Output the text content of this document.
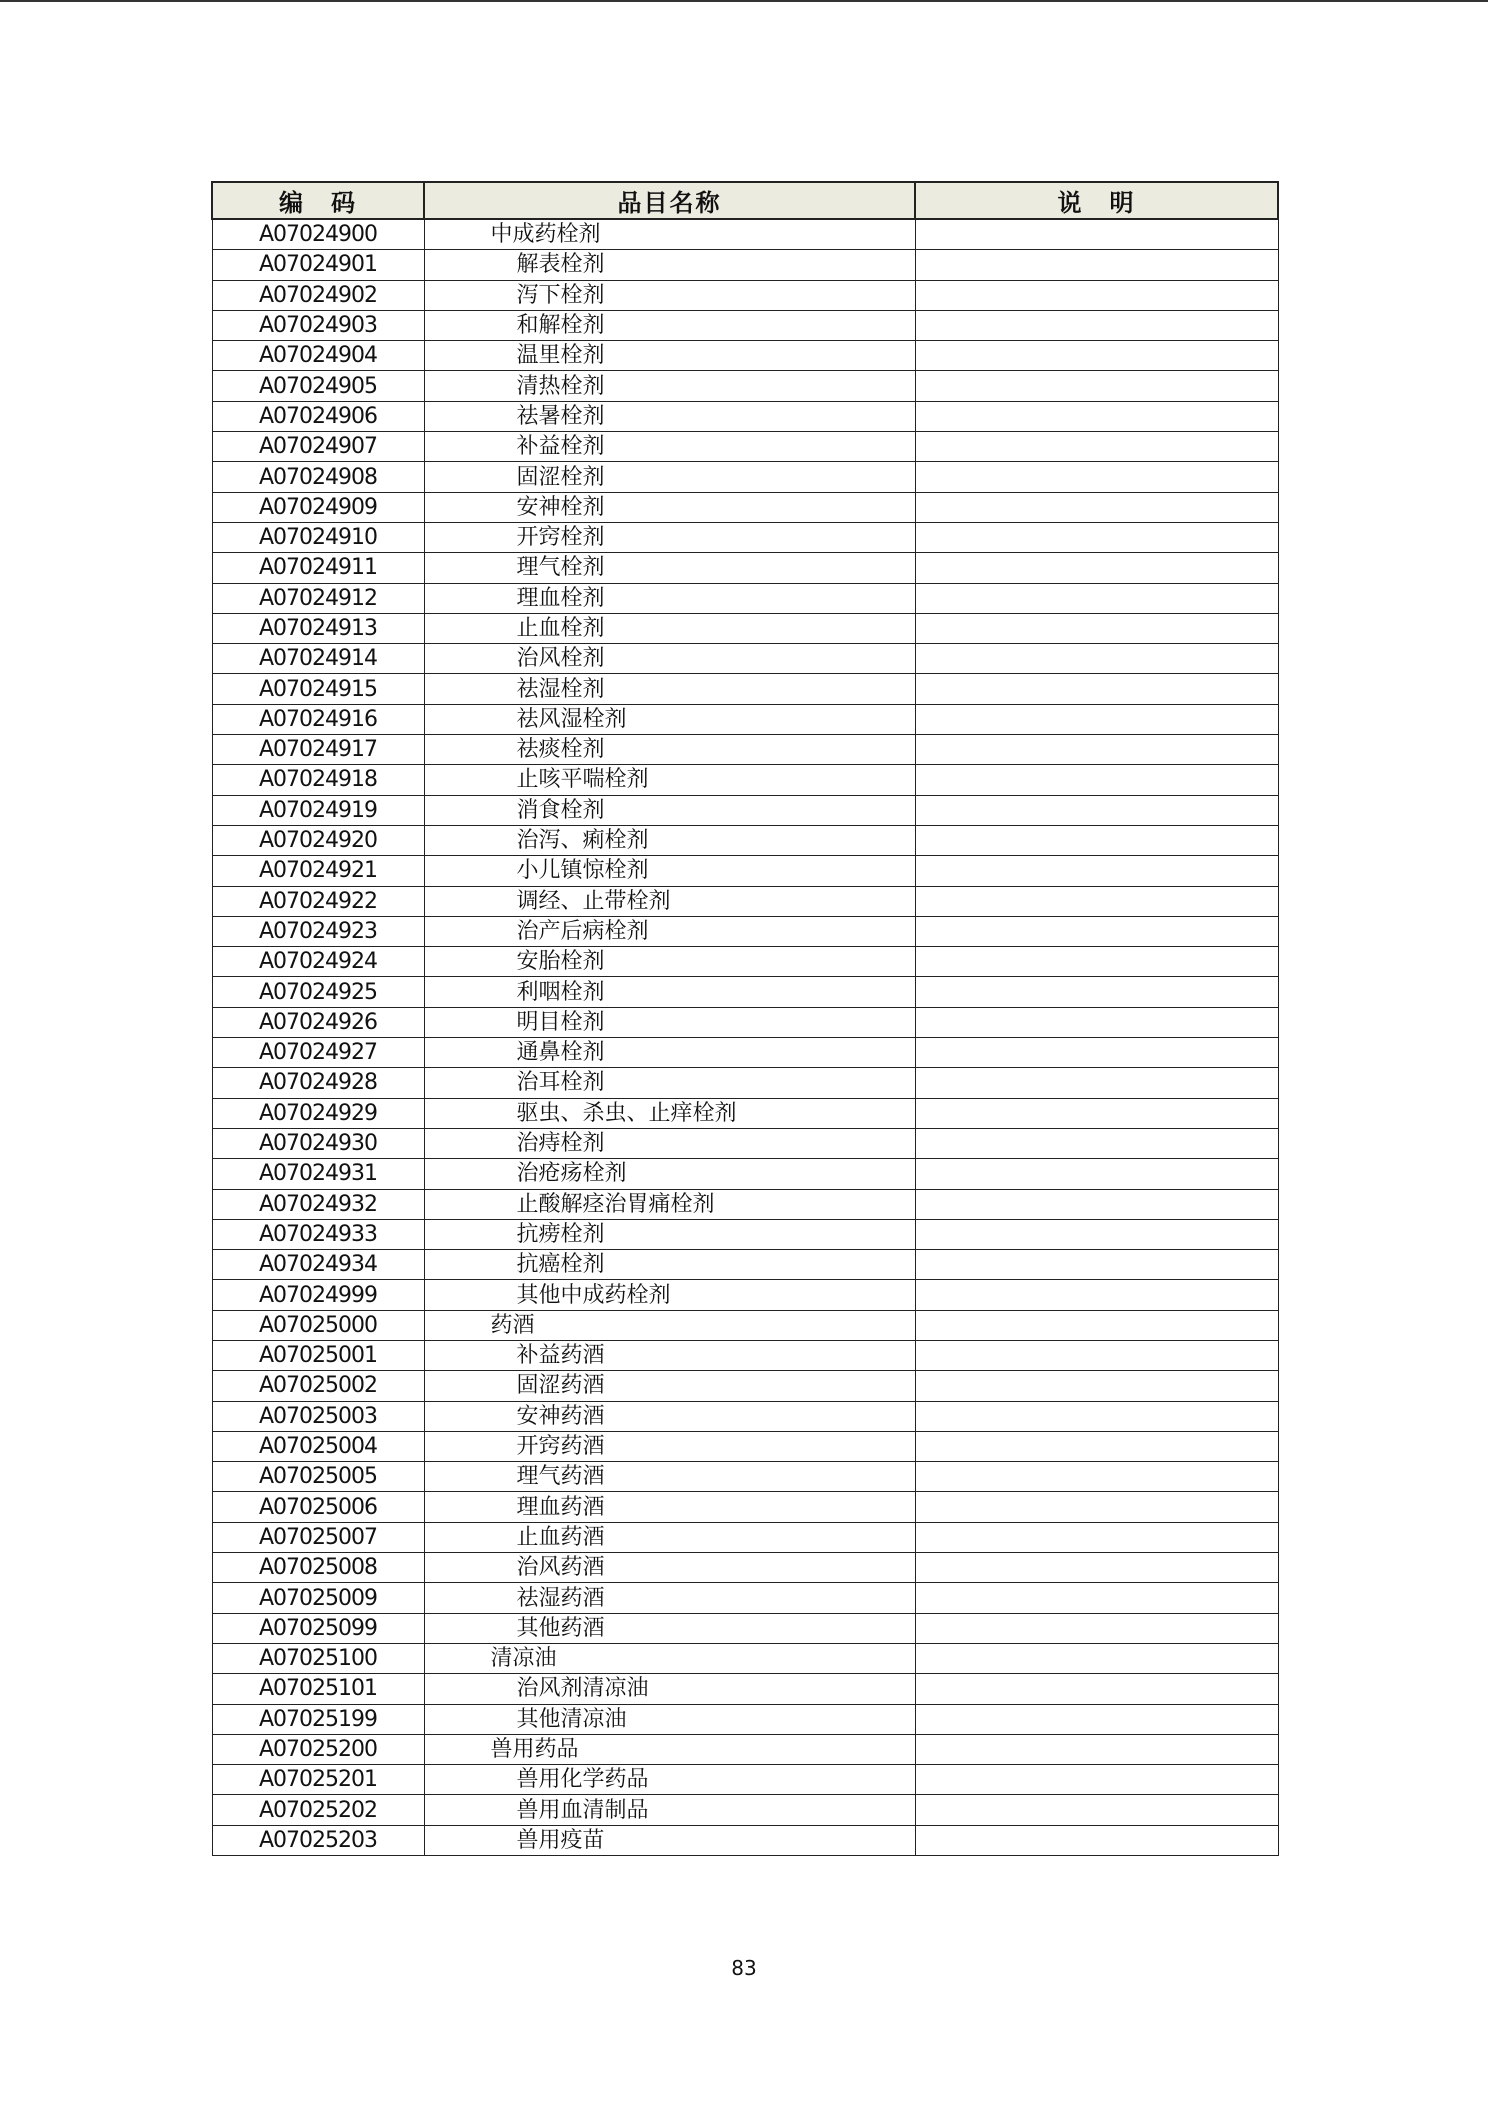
编　码	品目名称	说　明
A07024900	中成药栓剂	
A07024901	解表栓剂	
A07024902	泻下栓剂	
A07024903	和解栓剂	
A07024904	温里栓剂	
A07024905	清热栓剂	
A07024906	祛暑栓剂	
A07024907	补益栓剂	
A07024908	固涩栓剂	
A07024909	安神栓剂	
A07024910	开窍栓剂	
A07024911	理气栓剂	
A07024912	理血栓剂	
A07024913	止血栓剂	
A07024914	治风栓剂	
A07024915	祛湿栓剂	
A07024916	祛风湿栓剂	
A07024917	祛痰栓剂	
A07024918	止咳平喘栓剂	
A07024919	消食栓剂	
A07024920	治泻、痢栓剂	
A07024921	小儿镇惊栓剂	
A07024922	调经、止带栓剂	
A07024923	治产后病栓剂	
A07024924	安胎栓剂	
A07024925	利咽栓剂	
A07024926	明目栓剂	
A07024927	通鼻栓剂	
A07024928	治耳栓剂	
A07024929	驱虫、杀虫、止痒栓剂	
A07024930	治痔栓剂	
A07024931	治疮疡栓剂	
A07024932	止酸解痉治胃痛栓剂	
A07024933	抗痨栓剂	
A07024934	抗癌栓剂	
A07024999	其他中成药栓剂	
A07025000	药酒	
A07025001	补益药酒	
A07025002	固涩药酒	
A07025003	安神药酒	
A07025004	开窍药酒	
A07025005	理气药酒	
A07025006	理血药酒	
A07025007	止血药酒	
A07025008	治风药酒	
A07025009	祛湿药酒	
A07025099	其他药酒	
A07025100	清凉油	
A07025101	治风剂清凉油	
A07025199	其他清凉油	
A07025200	兽用药品	
A07025201	兽用化学药品	
A07025202	兽用血清制品	
A07025203	兽用疫苗	
83
